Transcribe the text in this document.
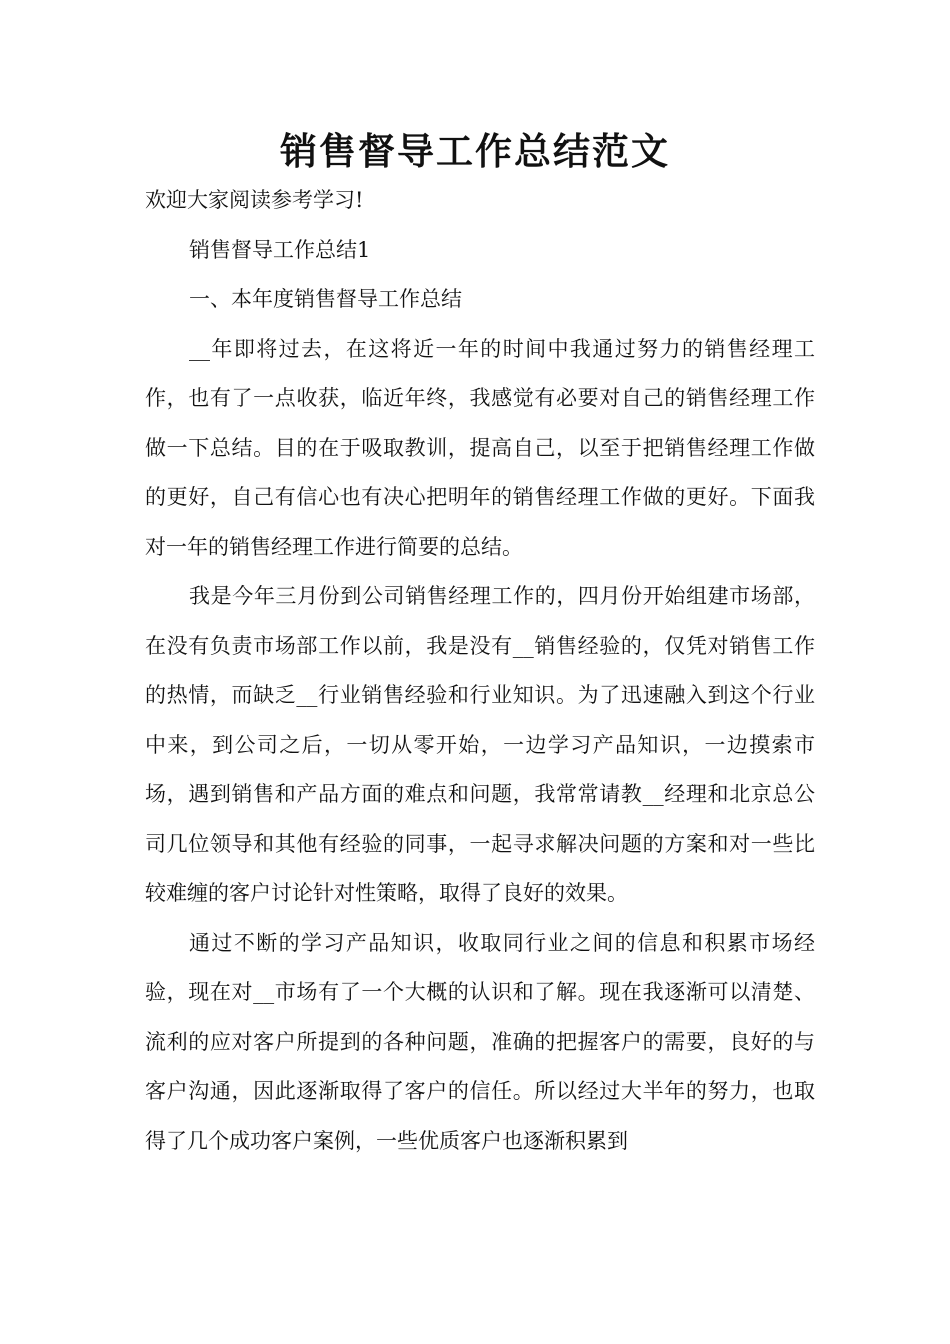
销售督导工作总结范文

欢迎大家阅读参考学习!

销售督导工作总结1

一、本年度销售督导工作总结

__年即将过去，在这将近一年的时间中我通过努力的销售经理工作，也有了一点收获，临近年终，我感觉有必要对自己的销售经理工作做一下总结。目的在于吸取教训，提高自己，以至于把销售经理工作做的更好，自己有信心也有决心把明年的销售经理工作做的更好。下面我对一年的销售经理工作进行简要的总结。

我是今年三月份到公司销售经理工作的，四月份开始组建市场部，在没有负责市场部工作以前，我是没有__销售经验的，仅凭对销售工作的热情，而缺乏__行业销售经验和行业知识。为了迅速融入到这个行业中来，到公司之后，一切从零开始，一边学习产品知识，一边摸索市场，遇到销售和产品方面的难点和问题，我常常请教__经理和北京总公司几位领导和其他有经验的同事，一起寻求解决问题的方案和对一些比较难缠的客户讨论针对性策略，取得了良好的效果。

通过不断的学习产品知识，收取同行业之间的信息和积累市场经验，现在对__市场有了一个大概的认识和了解。现在我逐渐可以清楚、流利的应对客户所提到的各种问题，准确的把握客户的需要，良好的与客户沟通，因此逐渐取得了客户的信任。所以经过大半年的努力，也取得了几个成功客户案例，一些优质客户也逐渐积累到
